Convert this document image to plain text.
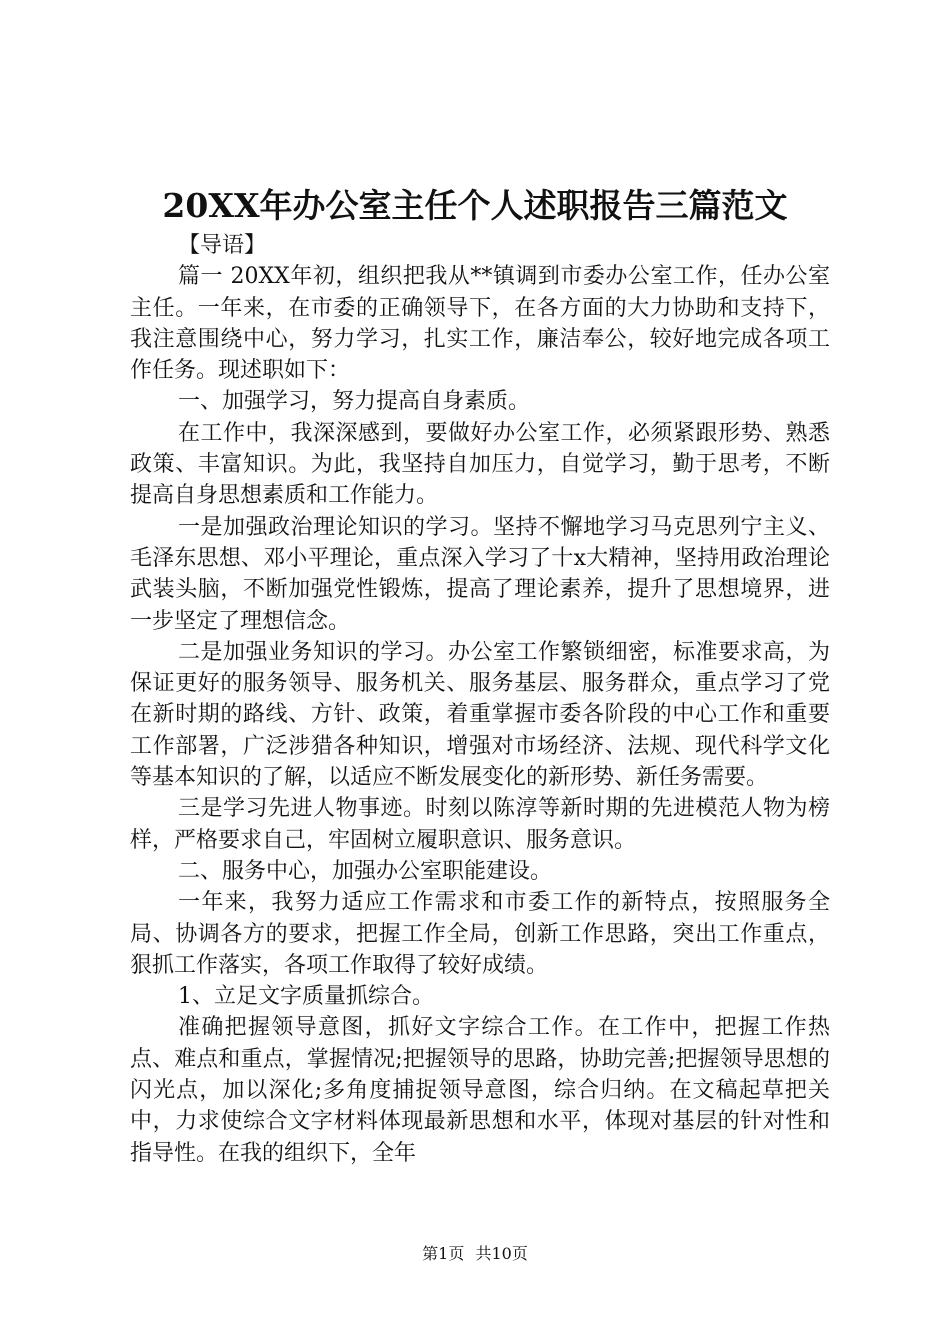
20XX年办公室主任个人述职报告三篇范文

【导语】

篇一 20XX年初，组织把我从**镇调到市委办公室工作，任办公室主任。一年来，在市委的正确领导下，在各方面的大力协助和支持下，我注意围绕中心，努力学习，扎实工作，廉洁奉公，较好地完成各项工作任务。现述职如下：

一、加强学习，努力提高自身素质。

在工作中，我深深感到，要做好办公室工作，必须紧跟形势、熟悉政策、丰富知识。为此，我坚持自加压力，自觉学习，勤于思考，不断提高自身思想素质和工作能力。

一是加强政治理论知识的学习。坚持不懈地学习马克思列宁主义、毛泽东思想、邓小平理论，重点深入学习了十x大精神，坚持用政治理论武装头脑，不断加强党性锻炼，提高了理论素养，提升了思想境界，进一步坚定了理想信念。

二是加强业务知识的学习。办公室工作繁锁细密，标准要求高，为保证更好的服务领导、服务机关、服务基层、服务群众，重点学习了党在新时期的路线、方针、政策，着重掌握市委各阶段的中心工作和重要工作部署，广泛涉猎各种知识，增强对市场经济、法规、现代科学文化等基本知识的了解，以适应不断发展变化的新形势、新任务需要。

三是学习先进人物事迹。时刻以陈淳等新时期的先进模范人物为榜样，严格要求自己，牢固树立履职意识、服务意识。

二、服务中心，加强办公室职能建设。

一年来，我努力适应工作需求和市委工作的新特点，按照服务全局、协调各方的要求，把握工作全局，创新工作思路，突出工作重点，狠抓工作落实，各项工作取得了较好成绩。

1、立足文字质量抓综合。

准确把握领导意图，抓好文字综合工作。在工作中，把握工作热点、难点和重点，掌握情况;把握领导的思路，协助完善;把握领导思想的闪光点，加以深化;多角度捕捉领导意图，综合归纳。在文稿起草把关中，力求使综合文字材料体现最新思想和水平，体现对基层的针对性和指导性。在我的组织下，全年

第1页 共10页
